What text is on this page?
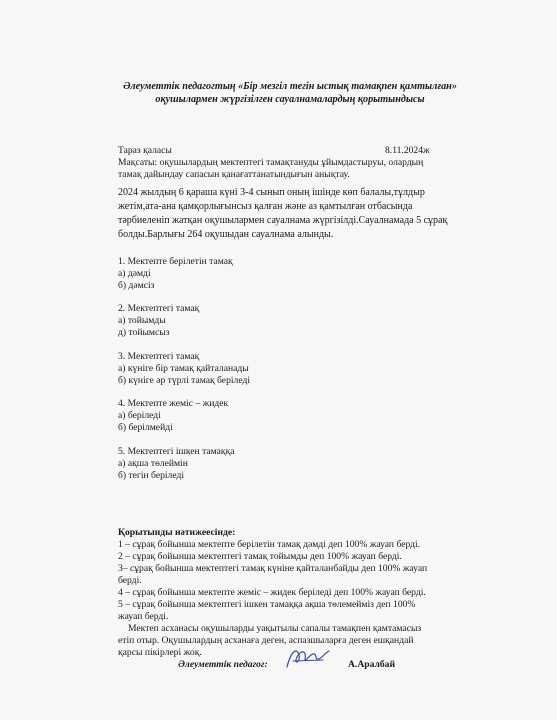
Әлеуметтік педагогтың «Бір мезгіл тегін ыстық тамақпен қамтылған»
оқушылармен жүргізілген сауалнамалардың қорытындысы
Тараз қаласы	8.11.2024ж
Мақсаты: оқушылардың мектептегі тамақтануды ұйымдастыруы, олардың
тамақ дайындау сапасын қанағаттанатындығын анықтау.
2024 жылдың 6 қараша күні 3-4 сынып оның ішінде көп балалы,тұлдыр
жетім,ата-ана қамқорлығынсыз қалған және аз қамтылған отбасында
тәрбиеленіп жатқан оқушылармен сауалнама жүргізілді.Сауалнамада 5 сұрақ
болды.Барлығы 264 оқушыдан сауалнама алынды.
1. Мектепте берілетін тамақ
а) дәмді
б) дәмсіз
2. Мектептегі тамақ
а) тойымды
д) тойымсыз
3. Мектептегі тамақ
а) күніге бір тамақ қайталанады
б) күніге әр түрлі тамақ беріледі
4. Мектепте жеміс – жидек
а) беріледі
б) берілмейді
5. Мектептегі ішкен тамаққа
а) ақша төлеймін
б) тегін беріледі
Қорытынды нәтижеесінде:
1 – сұрақ бойынша мектепте берілетін тамақ дәмді деп 100% жауап берді.
2 – сұрақ бойынша мектептегі тамақ тойымды деп 100% жауап берді.
3– сұрақ бойынша мектептегі тамақ күніне қайталанбайды деп 100% жауап
берді.
4 – сұрақ бойынша мектепте жеміс – жидек беріледі деп 100% жауап берді.
5 – сұрақ бойынша мектептегі ішкен тамаққа ақша төлемейміз деп 100%
жауап берді.
Мектеп асханасы оқушыларды уақытылы сапалы тамақпен қамтамасыз
етіп отыр. Оқушылардың асханаға деген, аспазшыларға деген ешқандай
Әлеуметтік педагог:
қарсы пікірлері жоқ.
А.Аралбай
